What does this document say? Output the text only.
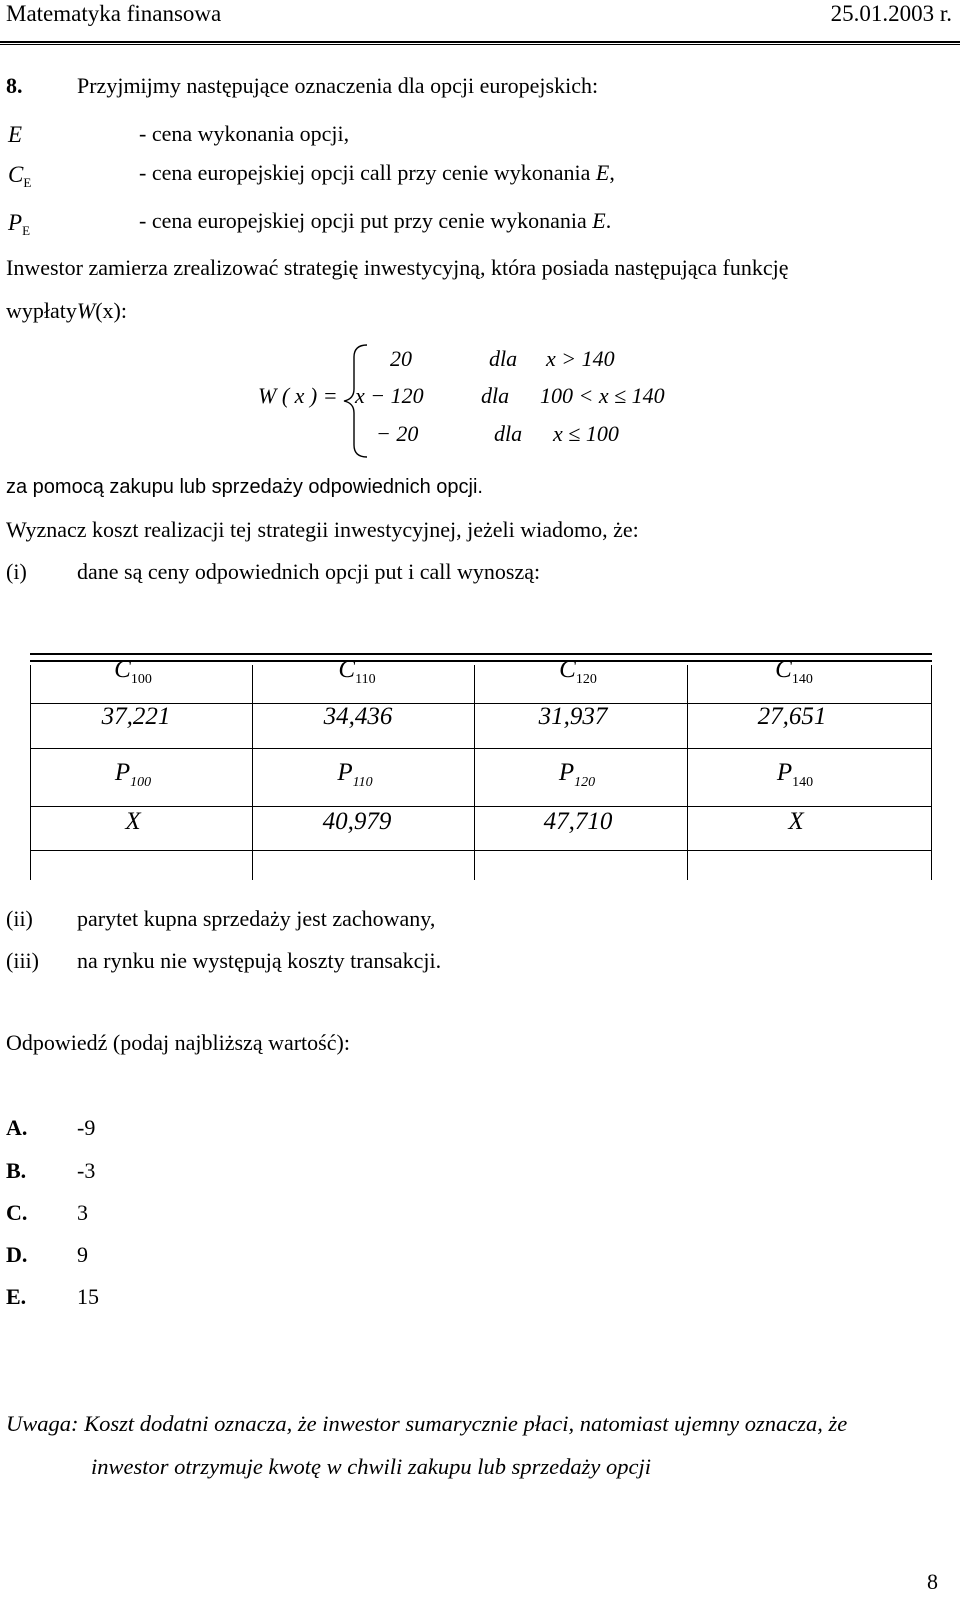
Matematyka finansowa	25.01.2003 r.
8. Przyjmijmy następujące oznaczenia dla opcji europejskich:
E	- cena wykonania opcji,
$C_E$	- cena europejskiej opcji call przy cenie wykonania E,
$P_E$	- cena europejskiej opcji put przy cenie wykonania E.
Inwestor zamierza zrealizować strategię inwestycyjną, która posiada następująca funkcję
wypłatyW(x):
W ( x ) =
20	dla x > 140
x − 120	dla 100 < x ≤ 140
− 20	dla x ≤ 100
za pomocą zakupu lub sprzedaży odpowiednich opcji.
Wyznacz koszt realizacji tej strategii inwestycyjnej, jeżeli wiadomo, że:
(i) dane są ceny odpowiednich opcji put i call wynoszą:
$C_{100}$	$C_{110}$	$C_{120}$	$C_{140}$
37,221	34,436	31,937	27,651
$P_{100}$	$P_{110}$	$P_{120}$	$P_{140}$
X	40,979	47,710	X
(ii) parytet kupna sprzedaży jest zachowany,
(iii) na rynku nie występują koszty transakcji.
Odpowiedź (podaj najbliższą wartość):
A. -9
B. -3
C. 3
D. 9
E. 15
Uwaga: Koszt dodatni oznacza, że inwestor sumarycznie płaci, natomiast ujemny oznacza, że
inwestor otrzymuje kwotę w chwili zakupu lub sprzedaży opcji
8
